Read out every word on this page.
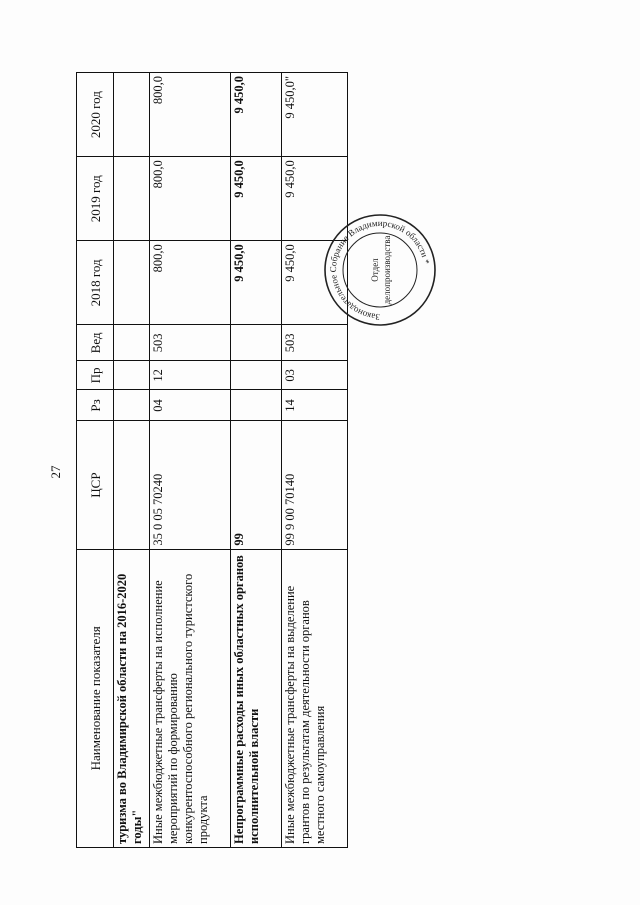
27
Наименование показателя	ЦСР	Рз	Пр	Вед	2018 год	2019 год	2020 год
туризма во Владимирской области на 2016-2020 годы"							
Иные межбюджетные трансферты на исполнение мероприятий по формированию конкурентоспособного регионального туристского продукта	35 0 05 70240	04	12	503	800,0	800,0	800,0
Непрограммные расходы иных областных органов исполнительной власти	99				9 450,0	9 450,0	9 450,0
Иные межбюджетные трансферты на выделение грантов по результатам деятельности органов местного самоуправления	99 9 00 70140	14	03	503	9 450,0	9 450,0	9 450,0"
Законодательное Собрание Владимирской области *
Отдел делопроизводства
